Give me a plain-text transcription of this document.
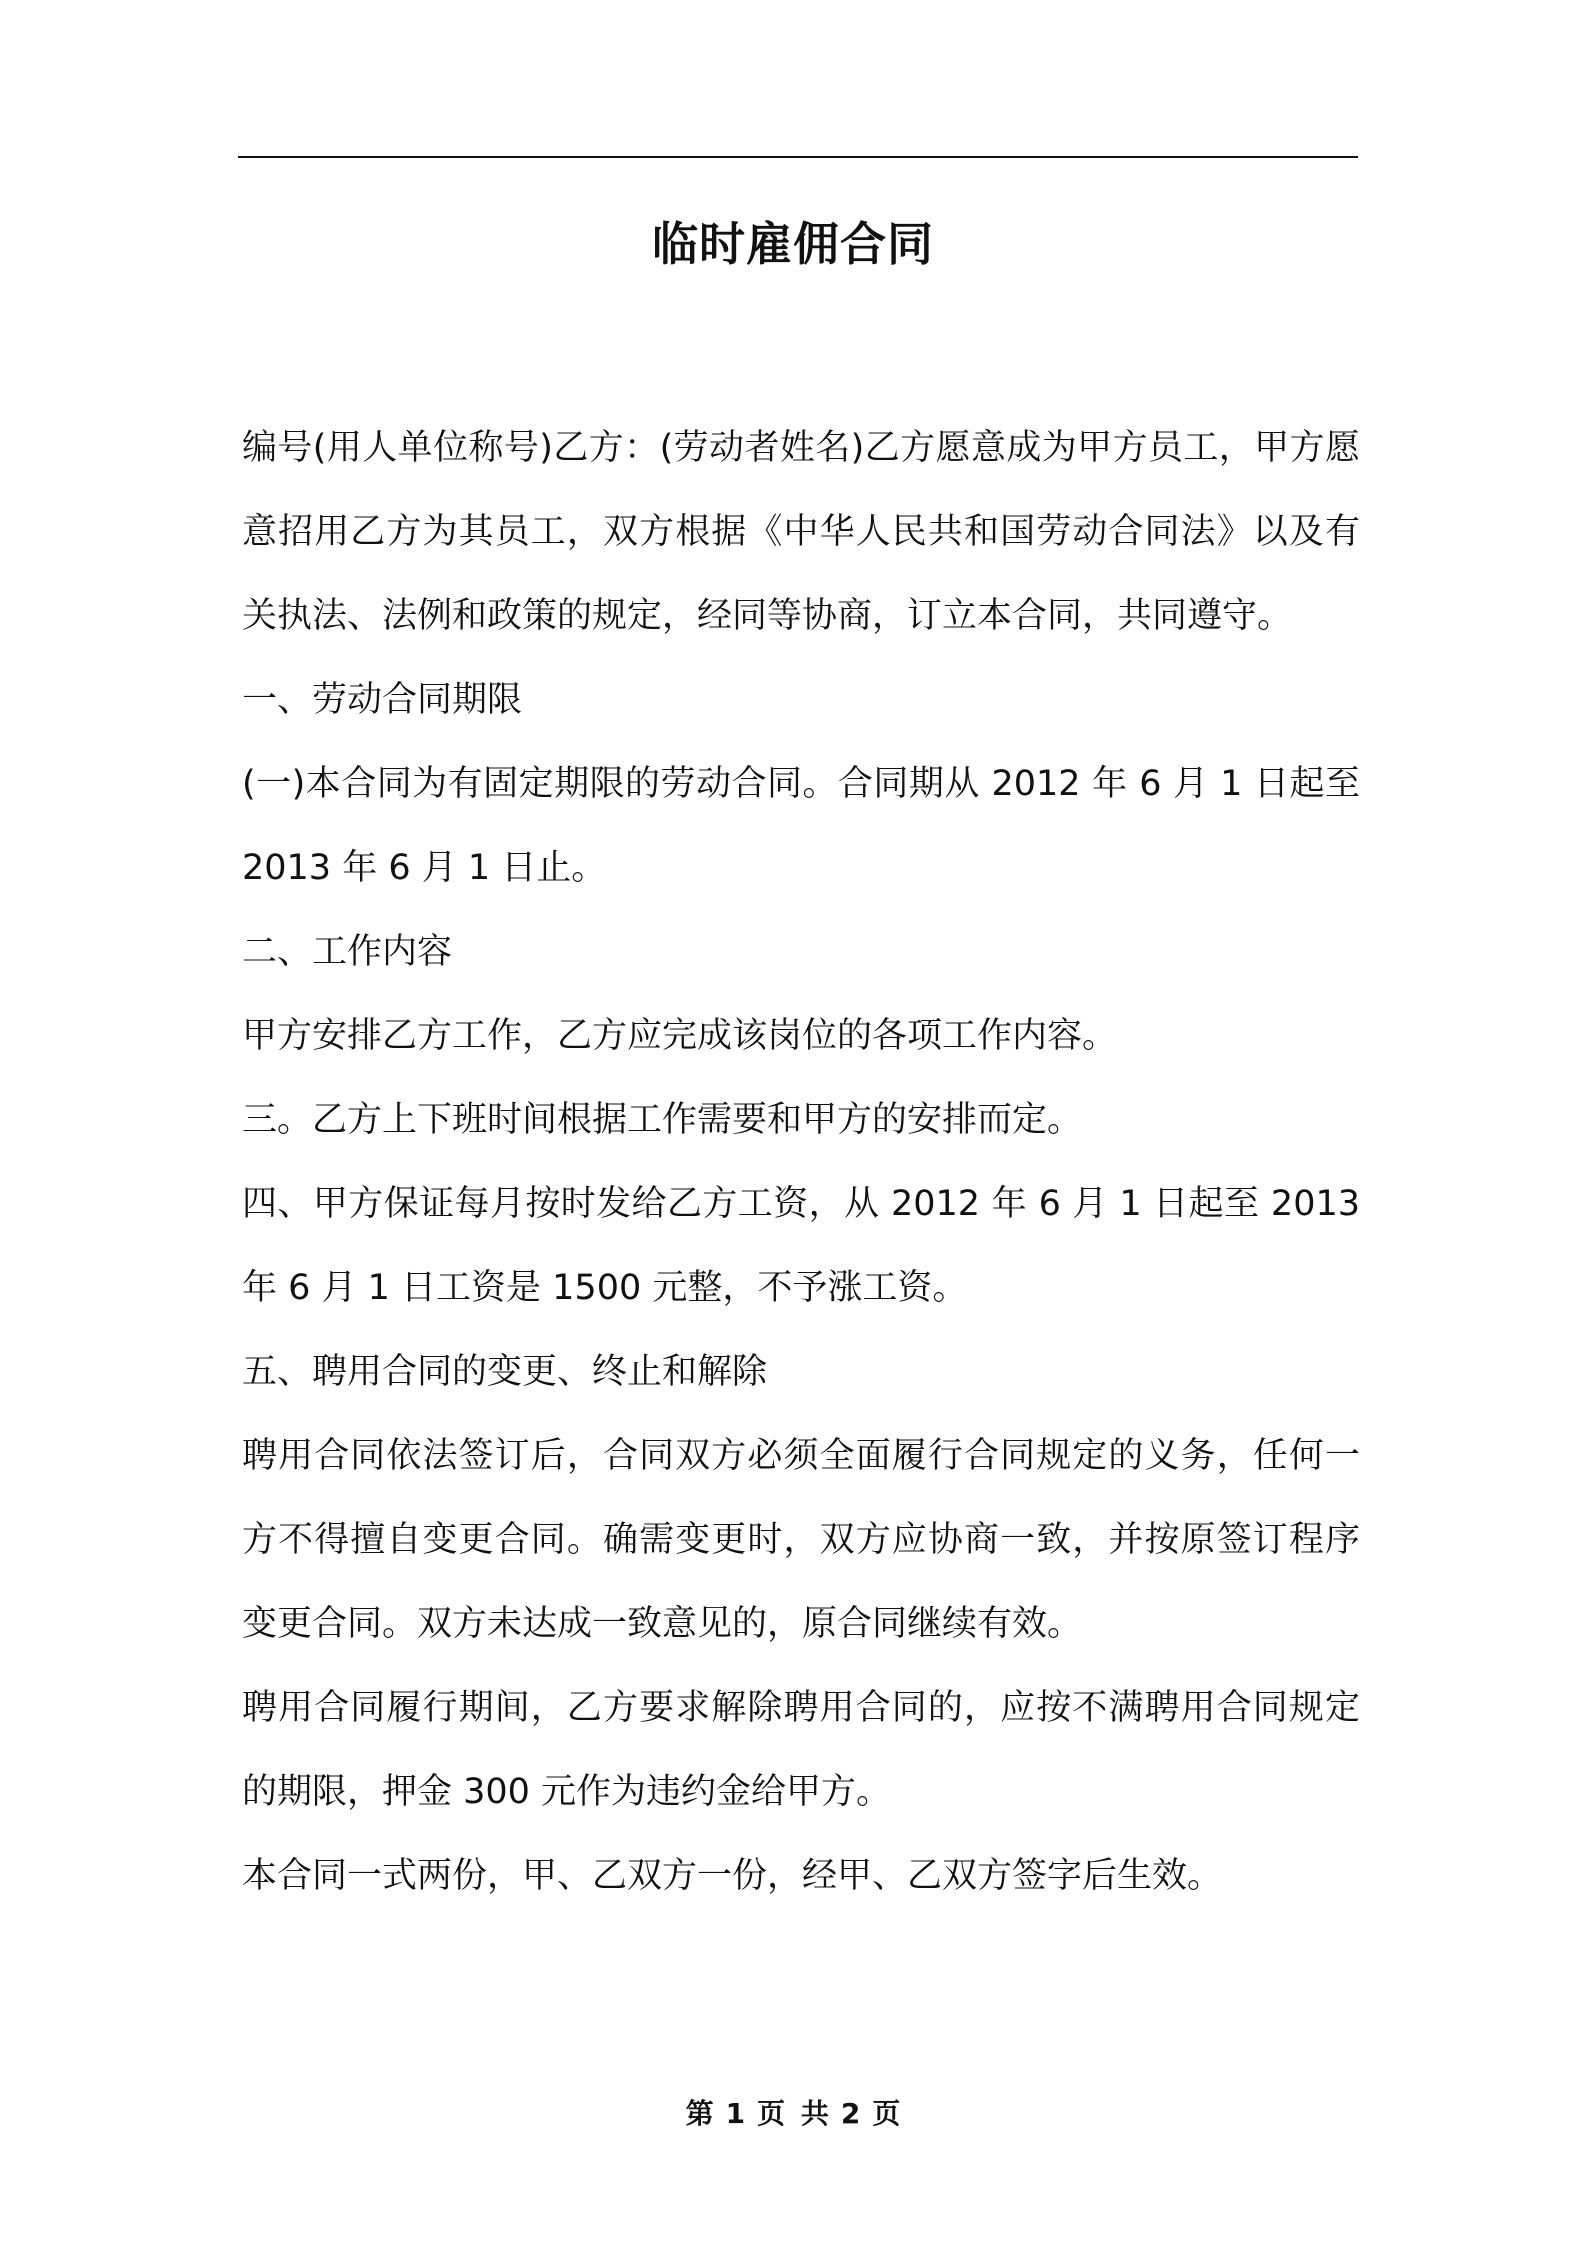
临时雇佣合同

编号(用人单位称号)乙方：(劳动者姓名)乙方愿意成为甲方员工，甲方愿意招用乙方为其员工，双方根据《中华人民共和国劳动合同法》以及有关执法、法例和政策的规定，经同等协商，订立本合同，共同遵守。

一、劳动合同期限

(一)本合同为有固定期限的劳动合同。合同期从 2012 年 6 月 1 日起至 2013 年 6 月 1 日止。

二、工作内容

甲方安排乙方工作，乙方应完成该岗位的各项工作内容。

三。乙方上下班时间根据工作需要和甲方的安排而定。

四、甲方保证每月按时发给乙方工资，从 2012 年 6 月 1 日起至 2013 年 6 月 1 日工资是 1500 元整，不予涨工资。

五、聘用合同的变更、终止和解除

聘用合同依法签订后，合同双方必须全面履行合同规定的义务，任何一方不得擅自变更合同。确需变更时，双方应协商一致，并按原签订程序变更合同。双方未达成一致意见的，原合同继续有效。

聘用合同履行期间，乙方要求解除聘用合同的，应按不满聘用合同规定的期限，押金 300 元作为违约金给甲方。

本合同一式两份，甲、乙双方一份，经甲、乙双方签字后生效。

第 1 页 共 2 页
